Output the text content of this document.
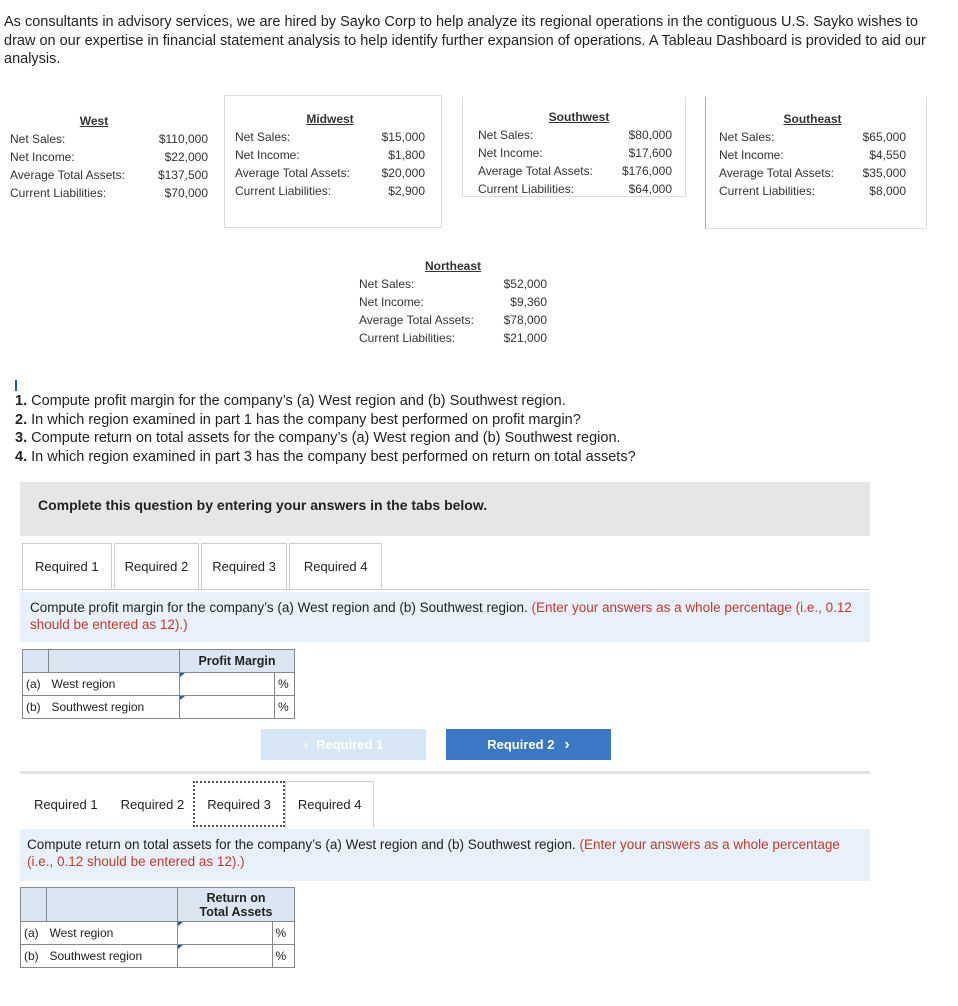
As consultants in advisory services, we are hired by Sayko Corp to help analyze its regional operations in the contiguous U.S. Sayko wishes to draw on our expertise in financial statement analysis to help identify further expansion of operations. A Tableau Dashboard is provided to aid our analysis.
West
Net Sales:	$110,000
Net Income:	$22,000
Average Total Assets:	$137,500
Current Liabilities:	$70,000
Midwest
Net Sales:	$15,000
Net Income:	$1,800
Average Total Assets:	$20,000
Current Liabilities:	$2,900
Southwest
Net Sales:	$80,000
Net Income:	$17,600
Average Total Assets: $176,000
Current Liabilities:	$64,000
Southeast
Net Sales:	$65,000
Net Income:	$4,550
Average Total Assets: $35,000
Current Liabilities:	$8,000
Northeast
Net Sales:	$52,000
Net Income:	$9,360
Average Total Assets: $78,000
Current Liabilities:	$21,000
1. Compute profit margin for the company’s (a) West region and (b) Southwest region.
2. In which region examined in part 1 has the company best performed on profit margin?
3. Compute return on total assets for the company’s (a) West region and (b) Southwest region.
4. In which region examined in part 3 has the company best performed on return on total assets?
Complete this question by entering your answers in the tabs below.
Required 1	Required 2	Required 3	Required 4
Compute profit margin for the company’s (a) West region and (b) Southwest region. (Enter your answers as a whole percentage (i.e., 0.12 should be entered as 12).)
		Profit Margin	
(a)	West region		%
(b)	Southwest region		%
‹ Required 1	Required 2 ›
Required 1	Required 2	Required 3	Required 4
Compute return on total assets for the company’s (a) West region and (b) Southwest region. (Enter your answers as a whole percentage (i.e., 0.12 should be entered as 12).)
		Return on Total Assets	
(a)	West region		%
(b)	Southwest region		%
